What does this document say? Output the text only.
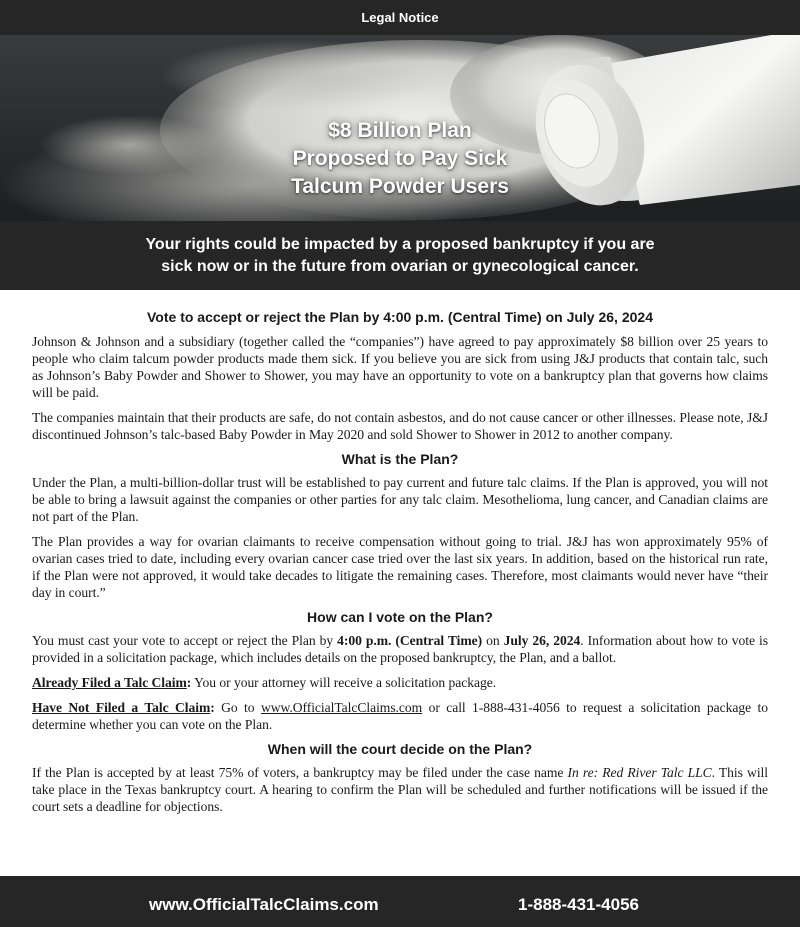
Legal Notice
$8 Billion Plan
Proposed to Pay Sick
Talcum Powder Users
Your rights could be impacted by a proposed bankruptcy if you are
sick now or in the future from ovarian or gynecological cancer.
Vote to accept or reject the Plan by 4:00 p.m. (Central Time) on July 26, 2024

Johnson & Johnson and a subsidiary (together called the “companies”) have agreed to pay approximately $8 billion over 25 years to people who claim talcum powder products made them sick. If you believe you are sick from using J&J products that contain talc, such as Johnson’s Baby Powder and Shower to Shower, you may have an opportunity to vote on a bankruptcy plan that governs how claims will be paid.

The companies maintain that their products are safe, do not contain asbestos, and do not cause cancer or other illnesses. Please note, J&J discontinued Johnson’s talc-based Baby Powder in May 2020 and sold Shower to Shower in 2012 to another company.

What is the Plan?

Under the Plan, a multi-billion-dollar trust will be established to pay current and future talc claims. If the Plan is approved, you will not be able to bring a lawsuit against the companies or other parties for any talc claim. Mesothelioma, lung cancer, and Canadian claims are not part of the Plan.

The Plan provides a way for ovarian claimants to receive compensation without going to trial. J&J has won approximately 95% of ovarian cases tried to date, including every ovarian cancer case tried over the last six years. In addition, based on the historical run rate, if the Plan were not approved, it would take decades to litigate the remaining cases. Therefore, most claimants would never have “their day in court.”

How can I vote on the Plan?

You must cast your vote to accept or reject the Plan by 4:00 p.m. (Central Time) on July 26, 2024. Information about how to vote is provided in a solicitation package, which includes details on the proposed bankruptcy, the Plan, and a ballot.

Already Filed a Talc Claim: You or your attorney will receive a solicitation package.

Have Not Filed a Talc Claim: Go to www.OfficialTalcClaims.com or call 1-888-431-4056 to request a solicitation package to determine whether you can vote on the Plan.

When will the court decide on the Plan?

If the Plan is accepted by at least 75% of voters, a bankruptcy may be filed under the case name In re: Red River Talc LLC. This will take place in the Texas bankruptcy court. A hearing to confirm the Plan will be scheduled and further notifications will be issued if the court sets a deadline for objections.

www.OfficialTalcClaims.com	1-888-431-4056
